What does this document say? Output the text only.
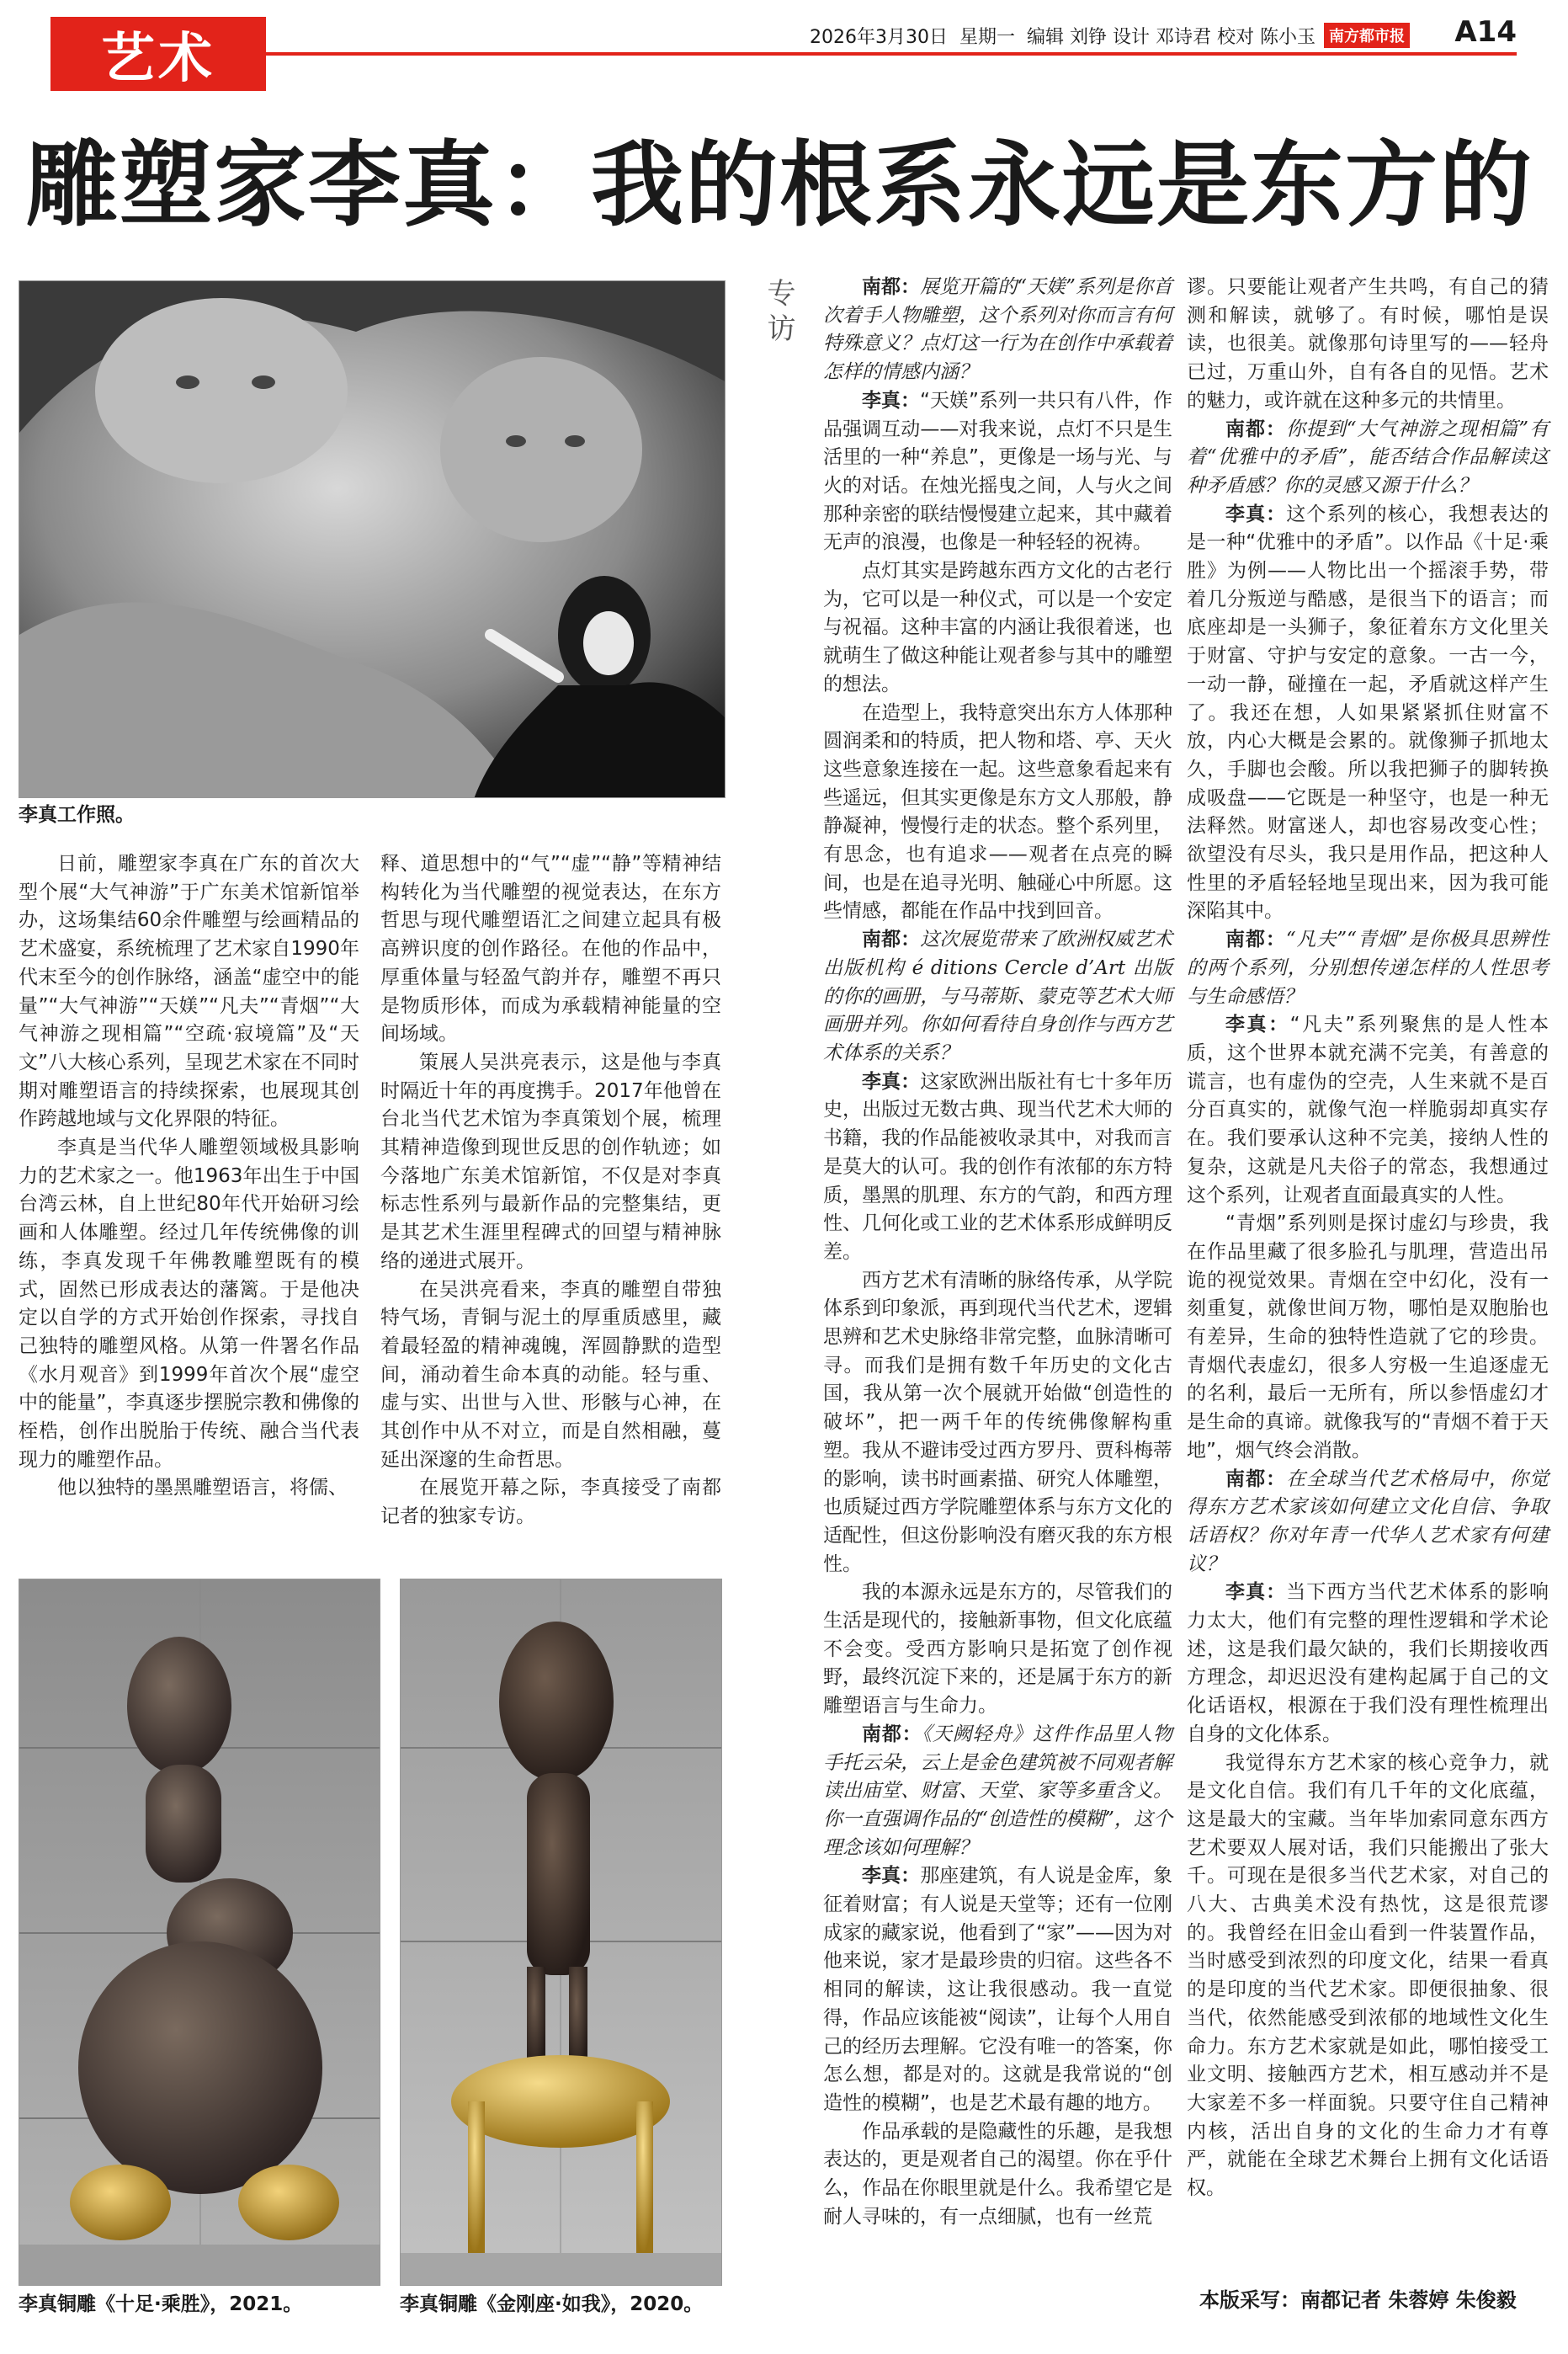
艺术	2026年3月30日
星期一
编辑 刘铮 设计 邓诗君 校对 陈小玉 南方都市报	A14
雕塑家李真：我的根系永远是东方的
李真工作照。
专访

日前，雕塑家李真在广东的首次大型个展“大气神游”于广东美术馆新馆举办，这场集结60余件雕塑与绘画精品的艺术盛宴，系统梳理了艺术家自1990年代末至今的创作脉络，涵盖“虚空中的能量”“大气神游”“天媄”“凡夫”“青烟”“大气神游之现相篇”“空疏·寂境篇”及“天文”八大核心系列，呈现艺术家在不同时期对雕塑语言的持续探索，也展现其创作跨越地域与文化界限的特征。

李真是当代华人雕塑领域极具影响力的艺术家之一。他1963年出生于中国台湾云林，自上世纪80年代开始研习绘画和人体雕塑。经过几年传统佛像的训练，李真发现千年佛教雕塑既有的模式，固然已形成表达的藩篱。于是他决定以自学的方式开始创作探索，寻找自己独特的雕塑风格。从第一件署名作品《水月观音》到1999年首次个展“虚空中的能量”，李真逐步摆脱宗教和佛像的桎梏，创作出脱胎于传统、融合当代表现力的雕塑作品。

他以独特的墨黑雕塑语言，将儒、

释、道思想中的“气”“虚”“静”等精神结构转化为当代雕塑的视觉表达，在东方哲思与现代雕塑语汇之间建立起具有极高辨识度的创作路径。在他的作品中，厚重体量与轻盈气韵并存，雕塑不再只是物质形体，而成为承载精神能量的空间场域。

策展人吴洪亮表示，这是他与李真时隔近十年的再度携手。2017年他曾在台北当代艺术馆为李真策划个展，梳理其精神造像到现世反思的创作轨迹；如今落地广东美术馆新馆，不仅是对李真标志性系列与最新作品的完整集结，更是其艺术生涯里程碑式的回望与精神脉络的递进式展开。

在吴洪亮看来，李真的雕塑自带独特气场，青铜与泥土的厚重质感里，藏着最轻盈的精神魂魄，浑圆静默的造型间，涌动着生命本真的动能。轻与重、虚与实、出世与入世、形骸与心神，在其创作中从不对立，而是自然相融，蔓延出深邃的生命哲思。

在展览开幕之际，李真接受了南都记者的独家专访。

李真铜雕《十足·乘胜》，2021。	李真铜雕《金刚座·如我》，2020。

南都：展览开篇的“天媄”系列是你首次着手人物雕塑，这个系列对你而言有何特殊意义？点灯这一行为在创作中承载着怎样的情感内涵？

李真：“天媄”系列一共只有八件，作品强调互动——对我来说，点灯不只是生活里的一种“养息”，更像是一场与光、与火的对话。在烛光摇曳之间，人与火之间那种亲密的联结慢慢建立起来，其中藏着无声的浪漫，也像是一种轻轻的祝祷。

点灯其实是跨越东西方文化的古老行为，它可以是一种仪式，可以是一个安定与祝福。这种丰富的内涵让我很着迷，也就萌生了做这种能让观者参与其中的雕塑的想法。

在造型上，我特意突出东方人体那种圆润柔和的特质，把人物和塔、亭、天火这些意象连接在一起。这些意象看起来有些遥远，但其实更像是东方文人那般，静静凝神，慢慢行走的状态。整个系列里，有思念，也有追求——观者在点亮的瞬间，也是在追寻光明、触碰心中所愿。这些情感，都能在作品中找到回音。

南都：这次展览带来了欧洲权威艺术出版机构 é ditions Cercle d’Art 出版的你的画册，与马蒂斯、蒙克等艺术大师画册并列。你如何看待自身创作与西方艺术体系的关系？

李真：这家欧洲出版社有七十多年历史，出版过无数古典、现当代艺术大师的书籍，我的作品能被收录其中，对我而言是莫大的认可。我的创作有浓郁的东方特质，墨黑的肌理、东方的气韵，和西方理性、几何化或工业的艺术体系形成鲜明反差。

西方艺术有清晰的脉络传承，从学院体系到印象派，再到现代当代艺术，逻辑思辨和艺术史脉络非常完整，血脉清晰可寻。而我们是拥有数千年历史的文化古国，我从第一次个展就开始做“创造性的破坏”，把一两千年的传统佛像解构重塑。我从不避讳受过西方罗丹、贾科梅蒂的影响，读书时画素描、研究人体雕塑，也质疑过西方学院雕塑体系与东方文化的适配性，但这份影响没有磨灭我的东方根性。

我的本源永远是东方的，尽管我们的生活是现代的，接触新事物，但文化底蕴不会变。受西方影响只是拓宽了创作视野，最终沉淀下来的，还是属于东方的新雕塑语言与生命力。

南都：《天阙轻舟》这件作品里人物手托云朵，云上是金色建筑被不同观者解读出庙堂、财富、天堂、家等多重含义。你一直强调作品的“创造性的模糊”，这个理念该如何理解？

李真：那座建筑，有人说是金库，象征着财富；有人说是天堂等；还有一位刚成家的藏家说，他看到了“家”——因为对他来说，家才是最珍贵的归宿。这些各不相同的解读，这让我很感动。我一直觉得，作品应该能被“阅读”，让每个人用自己的经历去理解。它没有唯一的答案，你怎么想，都是对的。这就是我常说的“创造性的模糊”，也是艺术最有趣的地方。

作品承载的是隐藏性的乐趣，是我想表达的，更是观者自己的渴望。你在乎什么，作品在你眼里就是什么。我希望它是耐人寻味的，有一点细腻，也有一丝荒

谬。只要能让观者产生共鸣，有自己的猜测和解读，就够了。有时候，哪怕是误读，也很美。就像那句诗里写的——轻舟已过，万重山外，自有各自的见悟。艺术的魅力，或许就在这种多元的共情里。

南都：你提到“大气神游之现相篇”有着“优雅中的矛盾”，能否结合作品解读这种矛盾感？你的灵感又源于什么？

李真：这个系列的核心，我想表达的是一种“优雅中的矛盾”。以作品《十足·乘胜》为例——人物比出一个摇滚手势，带着几分叛逆与酷感，是很当下的语言；而底座却是一头狮子，象征着东方文化里关于财富、守护与安定的意象。一古一今，一动一静，碰撞在一起，矛盾就这样产生了。我还在想，人如果紧紧抓住财富不放，内心大概是会累的。就像狮子抓地太久，手脚也会酸。所以我把狮子的脚转换成吸盘——它既是一种坚守，也是一种无法释然。财富迷人，却也容易改变心性；欲望没有尽头，我只是用作品，把这种人性里的矛盾轻轻地呈现出来，因为我可能深陷其中。

南都：“凡夫”“青烟”是你极具思辨性的两个系列，分别想传递怎样的人性思考与生命感悟？

李真：“凡夫”系列聚焦的是人性本质，这个世界本就充满不完美，有善意的谎言，也有虚伪的空壳，人生来就不是百分百真实的，就像气泡一样脆弱却真实存在。我们要承认这种不完美，接纳人性的复杂，这就是凡夫俗子的常态，我想通过这个系列，让观者直面最真实的人性。

“青烟”系列则是探讨虚幻与珍贵，我在作品里藏了很多脸孔与肌理，营造出吊诡的视觉效果。青烟在空中幻化，没有一刻重复，就像世间万物，哪怕是双胞胎也有差异，生命的独特性造就了它的珍贵。青烟代表虚幻，很多人穷极一生追逐虚无的名利，最后一无所有，所以参悟虚幻才是生命的真谛。就像我写的“青烟不着于天地”，烟气终会消散。

南都：在全球当代艺术格局中，你觉得东方艺术家该如何建立文化自信、争取话语权？你对年青一代华人艺术家有何建议？

李真：当下西方当代艺术体系的影响力太大，他们有完整的理性逻辑和学术论述，这是我们最欠缺的，我们长期接收西方理念，却迟迟没有建构起属于自己的文化话语权，根源在于我们没有理性梳理出自身的文化体系。

我觉得东方艺术家的核心竞争力，就是文化自信。我们有几千年的文化底蕴，这是最大的宝藏。当年毕加索同意东西方艺术要双人展对话，我们只能搬出了张大千。可现在是很多当代艺术家，对自己的八大、古典美术没有热忱，这是很荒谬的。我曾经在旧金山看到一件装置作品，当时感受到浓烈的印度文化，结果一看真的是印度的当代艺术家。即便很抽象、很当代，依然能感受到浓郁的地域性文化生命力。东方艺术家就是如此，哪怕接受工业文明、接触西方艺术，相互感动并不是大家差不多一样面貌。只要守住自己精神内核，活出自身的文化的生命力才有尊严，就能在全球艺术舞台上拥有文化话语权。

本版采写：南都记者 朱蓉婷 朱俊毅
